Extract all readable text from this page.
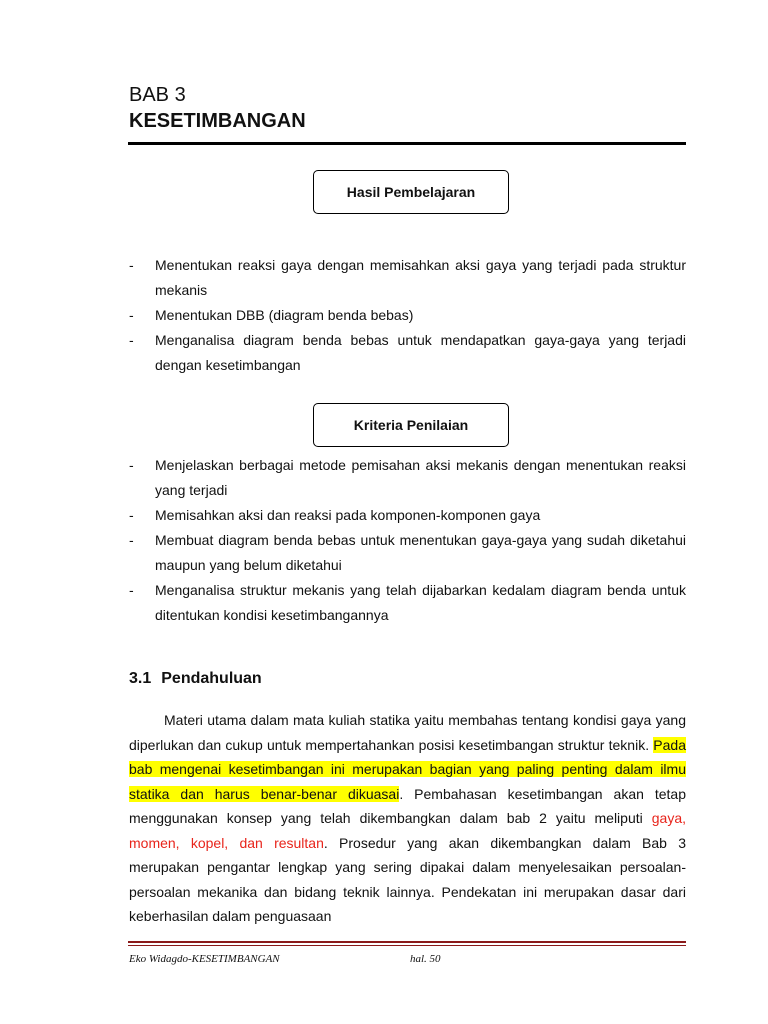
BAB 3
KESETIMBANGAN
Hasil Pembelajaran
- Menentukan reaksi gaya dengan memisahkan aksi gaya yang terjadi pada struktur mekanis
- Menentukan DBB (diagram benda bebas)
- Menganalisa diagram benda bebas untuk mendapatkan gaya-gaya yang terjadi dengan kesetimbangan
Kriteria Penilaian
- Menjelaskan berbagai metode pemisahan aksi mekanis dengan menentukan reaksi yang terjadi
- Memisahkan aksi dan reaksi pada komponen-komponen gaya
- Membuat diagram benda bebas untuk menentukan gaya-gaya yang sudah diketahui maupun yang belum diketahui
- Menganalisa struktur mekanis yang telah dijabarkan kedalam diagram benda untuk ditentukan kondisi kesetimbangannya
3.1 Pendahuluan

Materi utama dalam mata kuliah statika yaitu membahas tentang kondisi gaya yang diperlukan dan cukup untuk mempertahankan posisi kesetimbangan struktur teknik. Pada bab mengenai kesetimbangan ini merupakan bagian yang paling penting dalam ilmu statika dan harus benar-benar dikuasai. Pembahasan kesetimbangan akan tetap menggunakan konsep yang telah dikembangkan dalam bab 2 yaitu meliputi gaya, momen, kopel, dan resultan. Prosedur yang akan dikembangkan dalam Bab 3 merupakan pengantar lengkap yang sering dipakai dalam menyelesaikan persoalan-persoalan mekanika dan bidang teknik lainnya. Pendekatan ini merupakan dasar dari keberhasilan dalam penguasaan

Eko Widagdo-KESETIMBANGAN	hal. 50
